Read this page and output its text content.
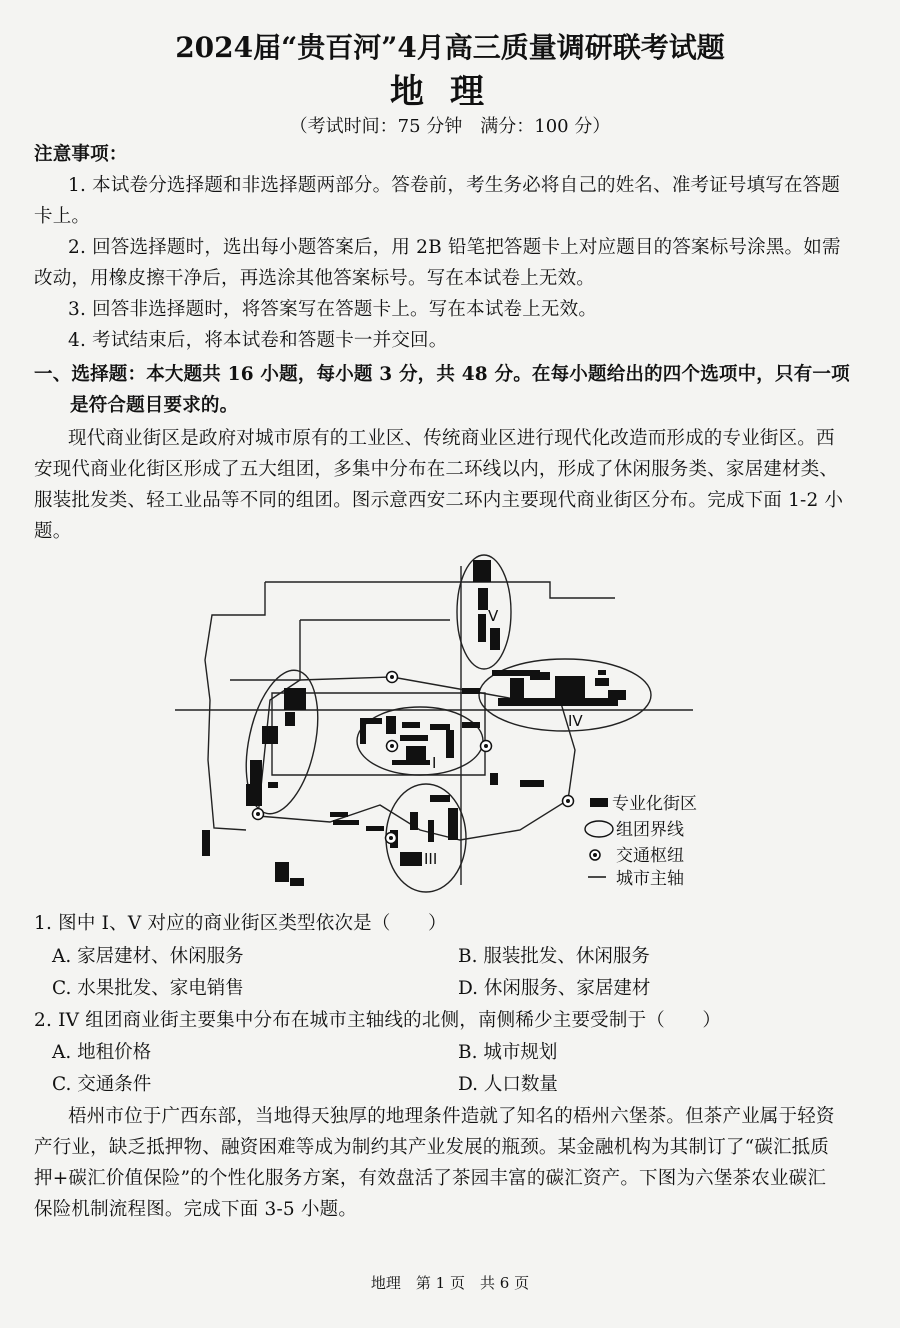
2024届“贵百河”4月高三质量调研联考试题
地理
（考试时间：75 分钟　满分：100 分）
注意事项：
1. 本试卷分选择题和非选择题两部分。答卷前，考生务必将自己的姓名、准考证号填写在答题
卡上。
2. 回答选择题时，选出每小题答案后，用 2B 铅笔把答题卡上对应题目的答案标号涂黑。如需
改动，用橡皮擦干净后，再选涂其他答案标号。写在本试卷上无效。
3. 回答非选择题时，将答案写在答题卡上。写在本试卷上无效。
4. 考试结束后，将本试卷和答题卡一并交回。
一、选择题：本大题共 16 小题，每小题 3 分，共 48 分。在每小题给出的四个选项中，只有一项
是符合题目要求的。
现代商业街区是政府对城市原有的工业区、传统商业区进行现代化改造而形成的专业街区。西
安现代商业化街区形成了五大组团，多集中分布在二环线以内，形成了休闲服务类、家居建材类、
服装批发类、轻工业品等不同的组团。图示意西安二环内主要现代商业街区分布。完成下面 1-2 小
题。
V
IV
I
II
III
专业化街区
组团界线
交通枢纽
城市主轴
1. 图中 I、V 对应的商业街区类型依次是（　　）
A. 家居建材、休闲服务	B. 服装批发、休闲服务
C. 水果批发、家电销售	D. 休闲服务、家居建材
2. IV 组团商业街主要集中分布在城市主轴线的北侧，南侧稀少主要受制于（　　）
A. 地租价格	B. 城市规划
C. 交通条件	D. 人口数量
梧州市位于广西东部，当地得天独厚的地理条件造就了知名的梧州六堡茶。但茶产业属于轻资
产行业，缺乏抵押物、融资困难等成为制约其产业发展的瓶颈。某金融机构为其制订了“碳汇抵质
押+碳汇价值保险”的个性化服务方案，有效盘活了茶园丰富的碳汇资产。下图为六堡茶农业碳汇
保险机制流程图。完成下面 3-5 小题。
地理　第 1 页　共 6 页
